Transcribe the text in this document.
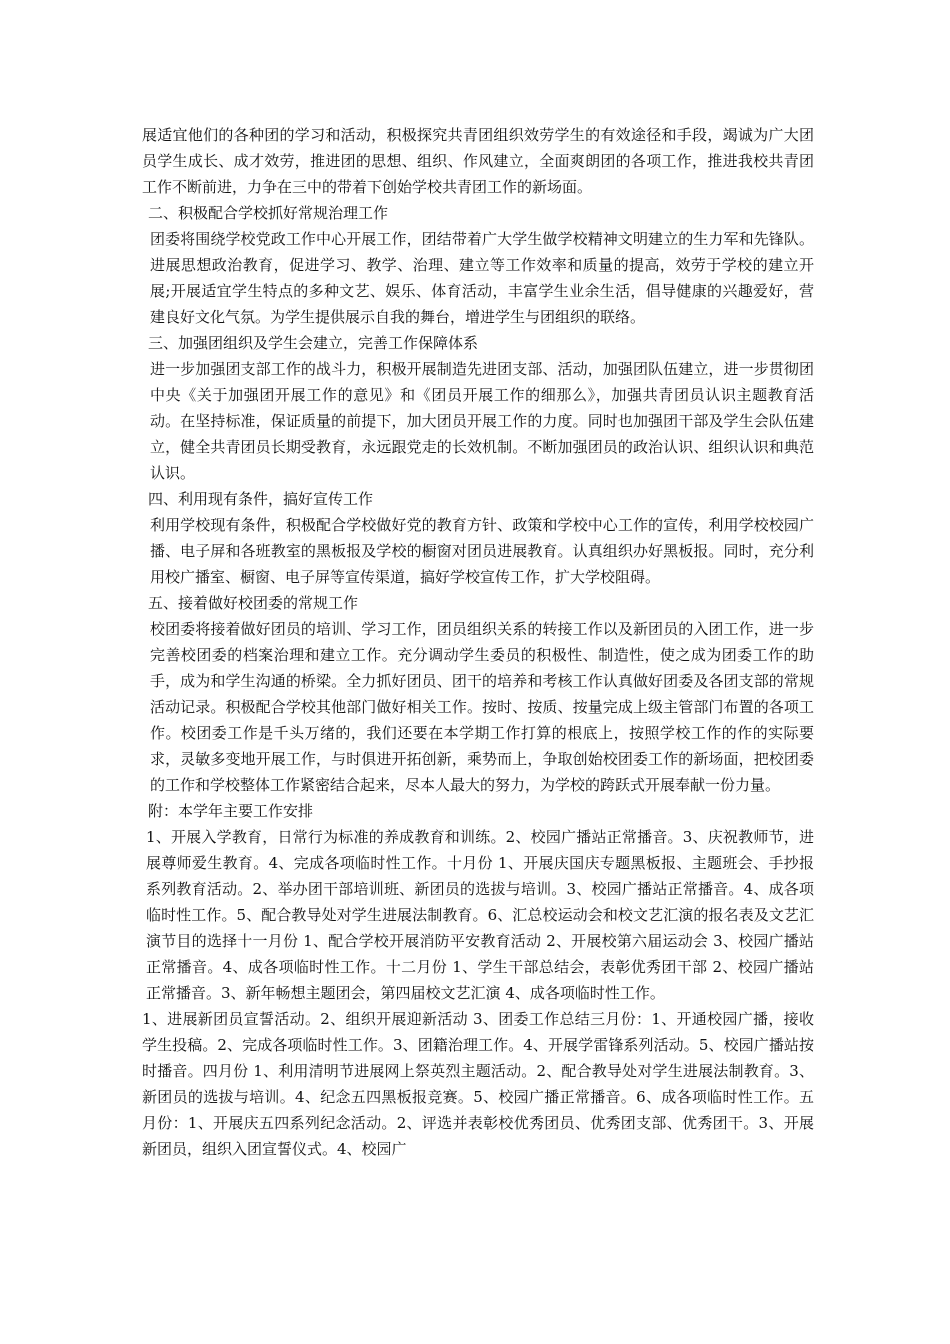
展适宜他们的各种团的学习和活动，积极探究共青团组织效劳学生的有效途径和手段，竭诚为广大团员学生成长、成才效劳，推进团的思想、组织、作风建立，全面爽朗团的各项工作，推进我校共青团工作不断前进，力争在三中的带着下创始学校共青团工作的新场面。

二、积极配合学校抓好常规治理工作

团委将围绕学校党政工作中心开展工作，团结带着广大学生做学校精神文明建立的生力军和先锋队。进展思想政治教育，促进学习、教学、治理、建立等工作效率和质量的提高，效劳于学校的建立开展;开展适宜学生特点的多种文艺、娱乐、体育活动，丰富学生业余生活，倡导健康的兴趣爱好，营建良好文化气氛。为学生提供展示自我的舞台，增进学生与团组织的联络。

三、加强团组织及学生会建立，完善工作保障体系

进一步加强团支部工作的战斗力，积极开展制造先进团支部、活动，加强团队伍建立，进一步贯彻团中央《关于加强团开展工作的意见》和《团员开展工作的细那么》，加强共青团员认识主题教育活动。在坚持标准，保证质量的前提下，加大团员开展工作的力度。同时也加强团干部及学生会队伍建立，健全共青团员长期受教育，永远跟党走的长效机制。不断加强团员的政治认识、组织认识和典范认识。

四、利用现有条件，搞好宣传工作

利用学校现有条件，积极配合学校做好党的教育方针、政策和学校中心工作的宣传，利用学校校园广播、电子屏和各班教室的黑板报及学校的橱窗对团员进展教育。认真组织办好黑板报。同时，充分利用校广播室、橱窗、电子屏等宣传渠道，搞好学校宣传工作，扩大学校阻碍。

五、接着做好校团委的常规工作

校团委将接着做好团员的培训、学习工作，团员组织关系的转接工作以及新团员的入团工作，进一步完善校团委的档案治理和建立工作。充分调动学生委员的积极性、制造性，使之成为团委工作的助手，成为和学生沟通的桥梁。全力抓好团员、团干的培养和考核工作认真做好团委及各团支部的常规活动记录。积极配合学校其他部门做好相关工作。按时、按质、按量完成上级主管部门布置的各项工作。校团委工作是千头万绪的，我们还要在本学期工作打算的根底上，按照学校工作的作的实际要求，灵敏多变地开展工作，与时俱进开拓创新，乘势而上，争取创始校团委工作的新场面，把校团委的工作和学校整体工作紧密结合起来，尽本人最大的努力，为学校的跨跃式开展奉献一份力量。

附：本学年主要工作安排

1、开展入学教育，日常行为标准的养成教育和训练。2、校园广播站正常播音。3、庆祝教师节，进展尊师爱生教育。4、完成各项临时性工作。十月份 1、开展庆国庆专题黑板报、主题班会、手抄报系列教育活动。2、举办团干部培训班、新团员的选拔与培训。3、校园广播站正常播音。4、成各项临时性工作。5、配合教导处对学生进展法制教育。6、汇总校运动会和校文艺汇演的报名表及文艺汇演节目的选择十一月份 1、配合学校开展消防平安教育活动 2、开展校第六届运动会 3、校园广播站正常播音。4、成各项临时性工作。十二月份 1、学生干部总结会，表彰优秀团干部 2、校园广播站正常播音。3、新年畅想主题团会，第四届校文艺汇演 4、成各项临时性工作。

1、进展新团员宣誓活动。2、组织开展迎新活动 3、团委工作总结三月份：1、开通校园广播，接收学生投稿。2、完成各项临时性工作。3、团籍治理工作。4、开展学雷锋系列活动。5、校园广播站按时播音。四月份 1、利用清明节进展网上祭英烈主题活动。2、配合教导处对学生进展法制教育。3、新团员的选拔与培训。4、纪念五四黑板报竞赛。5、校园广播正常播音。6、成各项临时性工作。五月份：1、开展庆五四系列纪念活动。2、评选并表彰校优秀团员、优秀团支部、优秀团干。3、开展新团员，组织入团宣誓仪式。4、校园广
